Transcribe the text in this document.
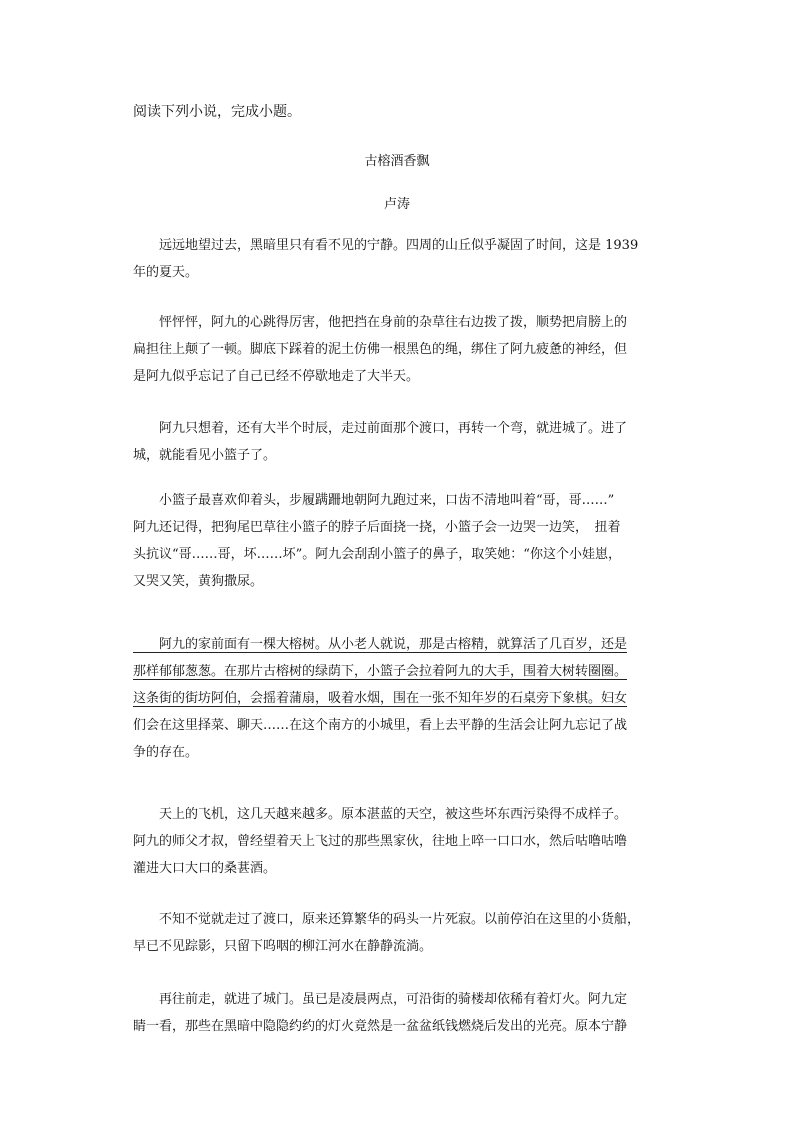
阅读下列小说，完成小题。
古榕酒香飘
卢涛
　　远远地望过去，黑暗里只有看不见的宁静。四周的山丘似乎凝固了时间，这是 1939
年的夏天。
　　怦怦怦，阿九的心跳得厉害，他把挡在身前的杂草往右边拨了拨，顺势把肩膀上的
扁担往上颠了一顿。脚底下踩着的泥土仿佛一根黑色的绳，绑住了阿九疲惫的神经，但
是阿九似乎忘记了自己已经不停歇地走了大半天。
　　阿九只想着，还有大半个时辰，走过前面那个渡口，再转一个弯，就进城了。进了
城，就能看见小篮子了。
　　小篮子最喜欢仰着头，步履蹒跚地朝阿九跑过来，口齿不清地叫着“哥，哥……”
阿九还记得，把狗尾巴草往小篮子的脖子后面挠一挠，小篮子会一边哭一边笑，　扭着
头抗议“哥……哥，坏……坏”。阿九会刮刮小篮子的鼻子，取笑她：“你这个小娃崽，
又哭又笑，黄狗撒尿。
　　阿九的家前面有一棵大榕树。从小老人就说，那是古榕精，就算活了几百岁，还是
那样郁郁葱葱。在那片古榕树的绿荫下，小篮子会拉着阿九的大手，围着大树转圈圈。
这条街的街坊阿伯，会摇着蒲扇，吸着水烟，围在一张不知年岁的石桌旁下象棋。妇女
们会在这里择菜、聊天……在这个南方的小城里，看上去平静的生活会让阿九忘记了战
争的存在。
　　天上的飞机，这几天越来越多。原本湛蓝的天空，被这些坏东西污染得不成样子。
阿九的师父才叔，曾经望着天上飞过的那些黑家伙，往地上啐一口口水，然后咕噜咕噜
灌进大口大口的桑葚酒。
　　不知不觉就走过了渡口，原来还算繁华的码头一片死寂。以前停泊在这里的小货船，
早已不见踪影，只留下呜咽的柳江河水在静静流淌。
　　再往前走，就进了城门。虽已是凌晨两点，可沿街的骑楼却依稀有着灯火。阿九定
睛一看，那些在黑暗中隐隐约约的灯火竟然是一盆盆纸钱燃烧后发出的光亮。原本宁静
